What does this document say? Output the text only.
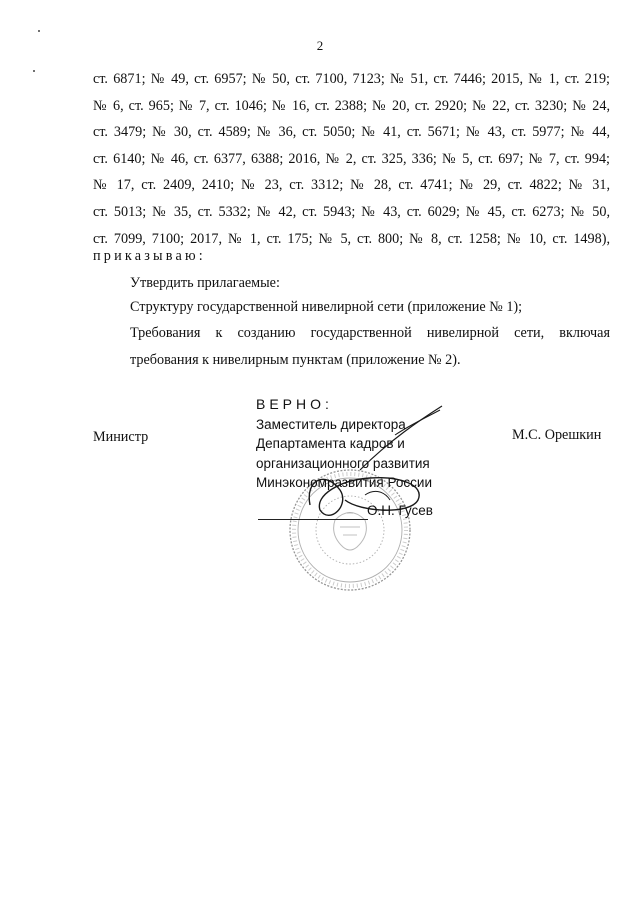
2
ст. 6871; № 49, ст. 6957; № 50, ст. 7100, 7123; № 51, ст. 7446; 2015, № 1, ст. 219;
№ 6, ст. 965; № 7, ст. 1046; № 16, ст. 2388; № 20, ст. 2920; № 22, ст. 3230; № 24,
ст. 3479; № 30, ст. 4589; № 36, ст. 5050; № 41, ст. 5671; № 43, ст. 5977; № 44,
ст. 6140; № 46, ст. 6377, 6388; 2016, № 2, ст. 325, 336; № 5, ст. 697; № 7, ст. 994;
№ 17, ст. 2409, 2410; № 23, ст. 3312; № 28, ст. 4741; № 29, ст. 4822; № 31,
ст. 5013; № 35, ст. 5332; № 42, ст. 5943; № 43, ст. 6029; № 45, ст. 6273; № 50,
ст. 7099, 7100; 2017, № 1, ст. 175; № 5, ст. 800; № 8, ст. 1258; № 10, ст. 1498),
приказываю:
Утвердить прилагаемые:
Структуру государственной нивелирной сети (приложение № 1);
Требования к созданию государственной нивелирной сети, включая
требования к нивелирным пунктам (приложение № 2).
Министр	М.С. Орешкин
ВЕРНО:
Заместитель директора
Департамента кадров и
организационного развития
Минэкономразвития России
О.Н. Гусев
